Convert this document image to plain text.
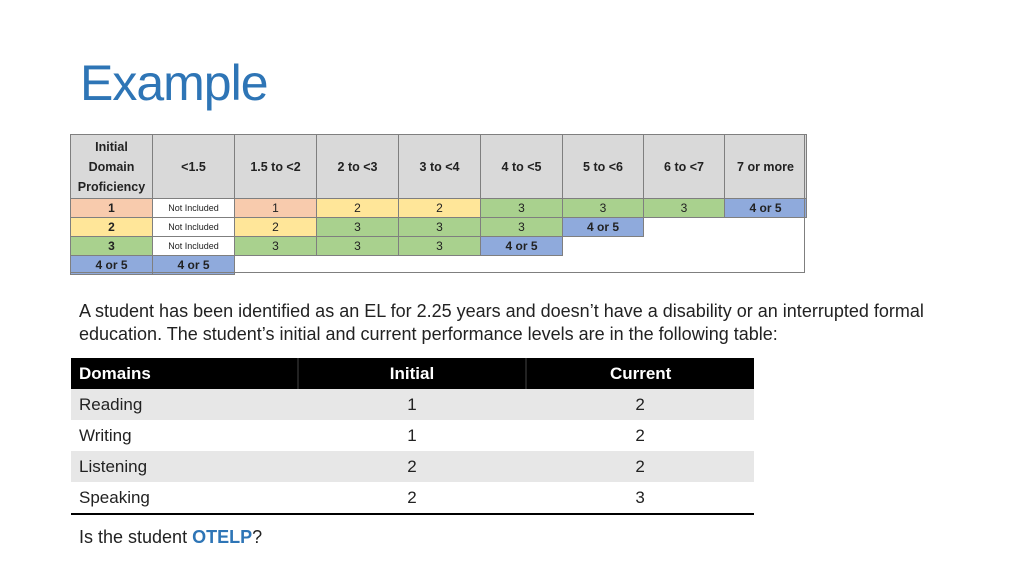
Example
Initial Domain Proficiency	<1.5	1.5 to <2	2 to <3	3 to <4	4 to <5	5 to <6	6 to <7	7 or more
1	Not Included	1	2	2	3	3	3	4 or 5
2	Not Included	2	3	3	3	4 or 5		
3	Not Included	3	3	3	4 or 5			
4 or 5	4 or 5							
A student has been identified as an EL for 2.25 years and doesn’t have a disability or an interrupted formal education. The student’s initial and current performance levels are in the following table:
Domains	Initial	Current
Reading	1	2
Writing	1	2
Listening	2	2
Speaking	2	3
Is the student OTELP?
